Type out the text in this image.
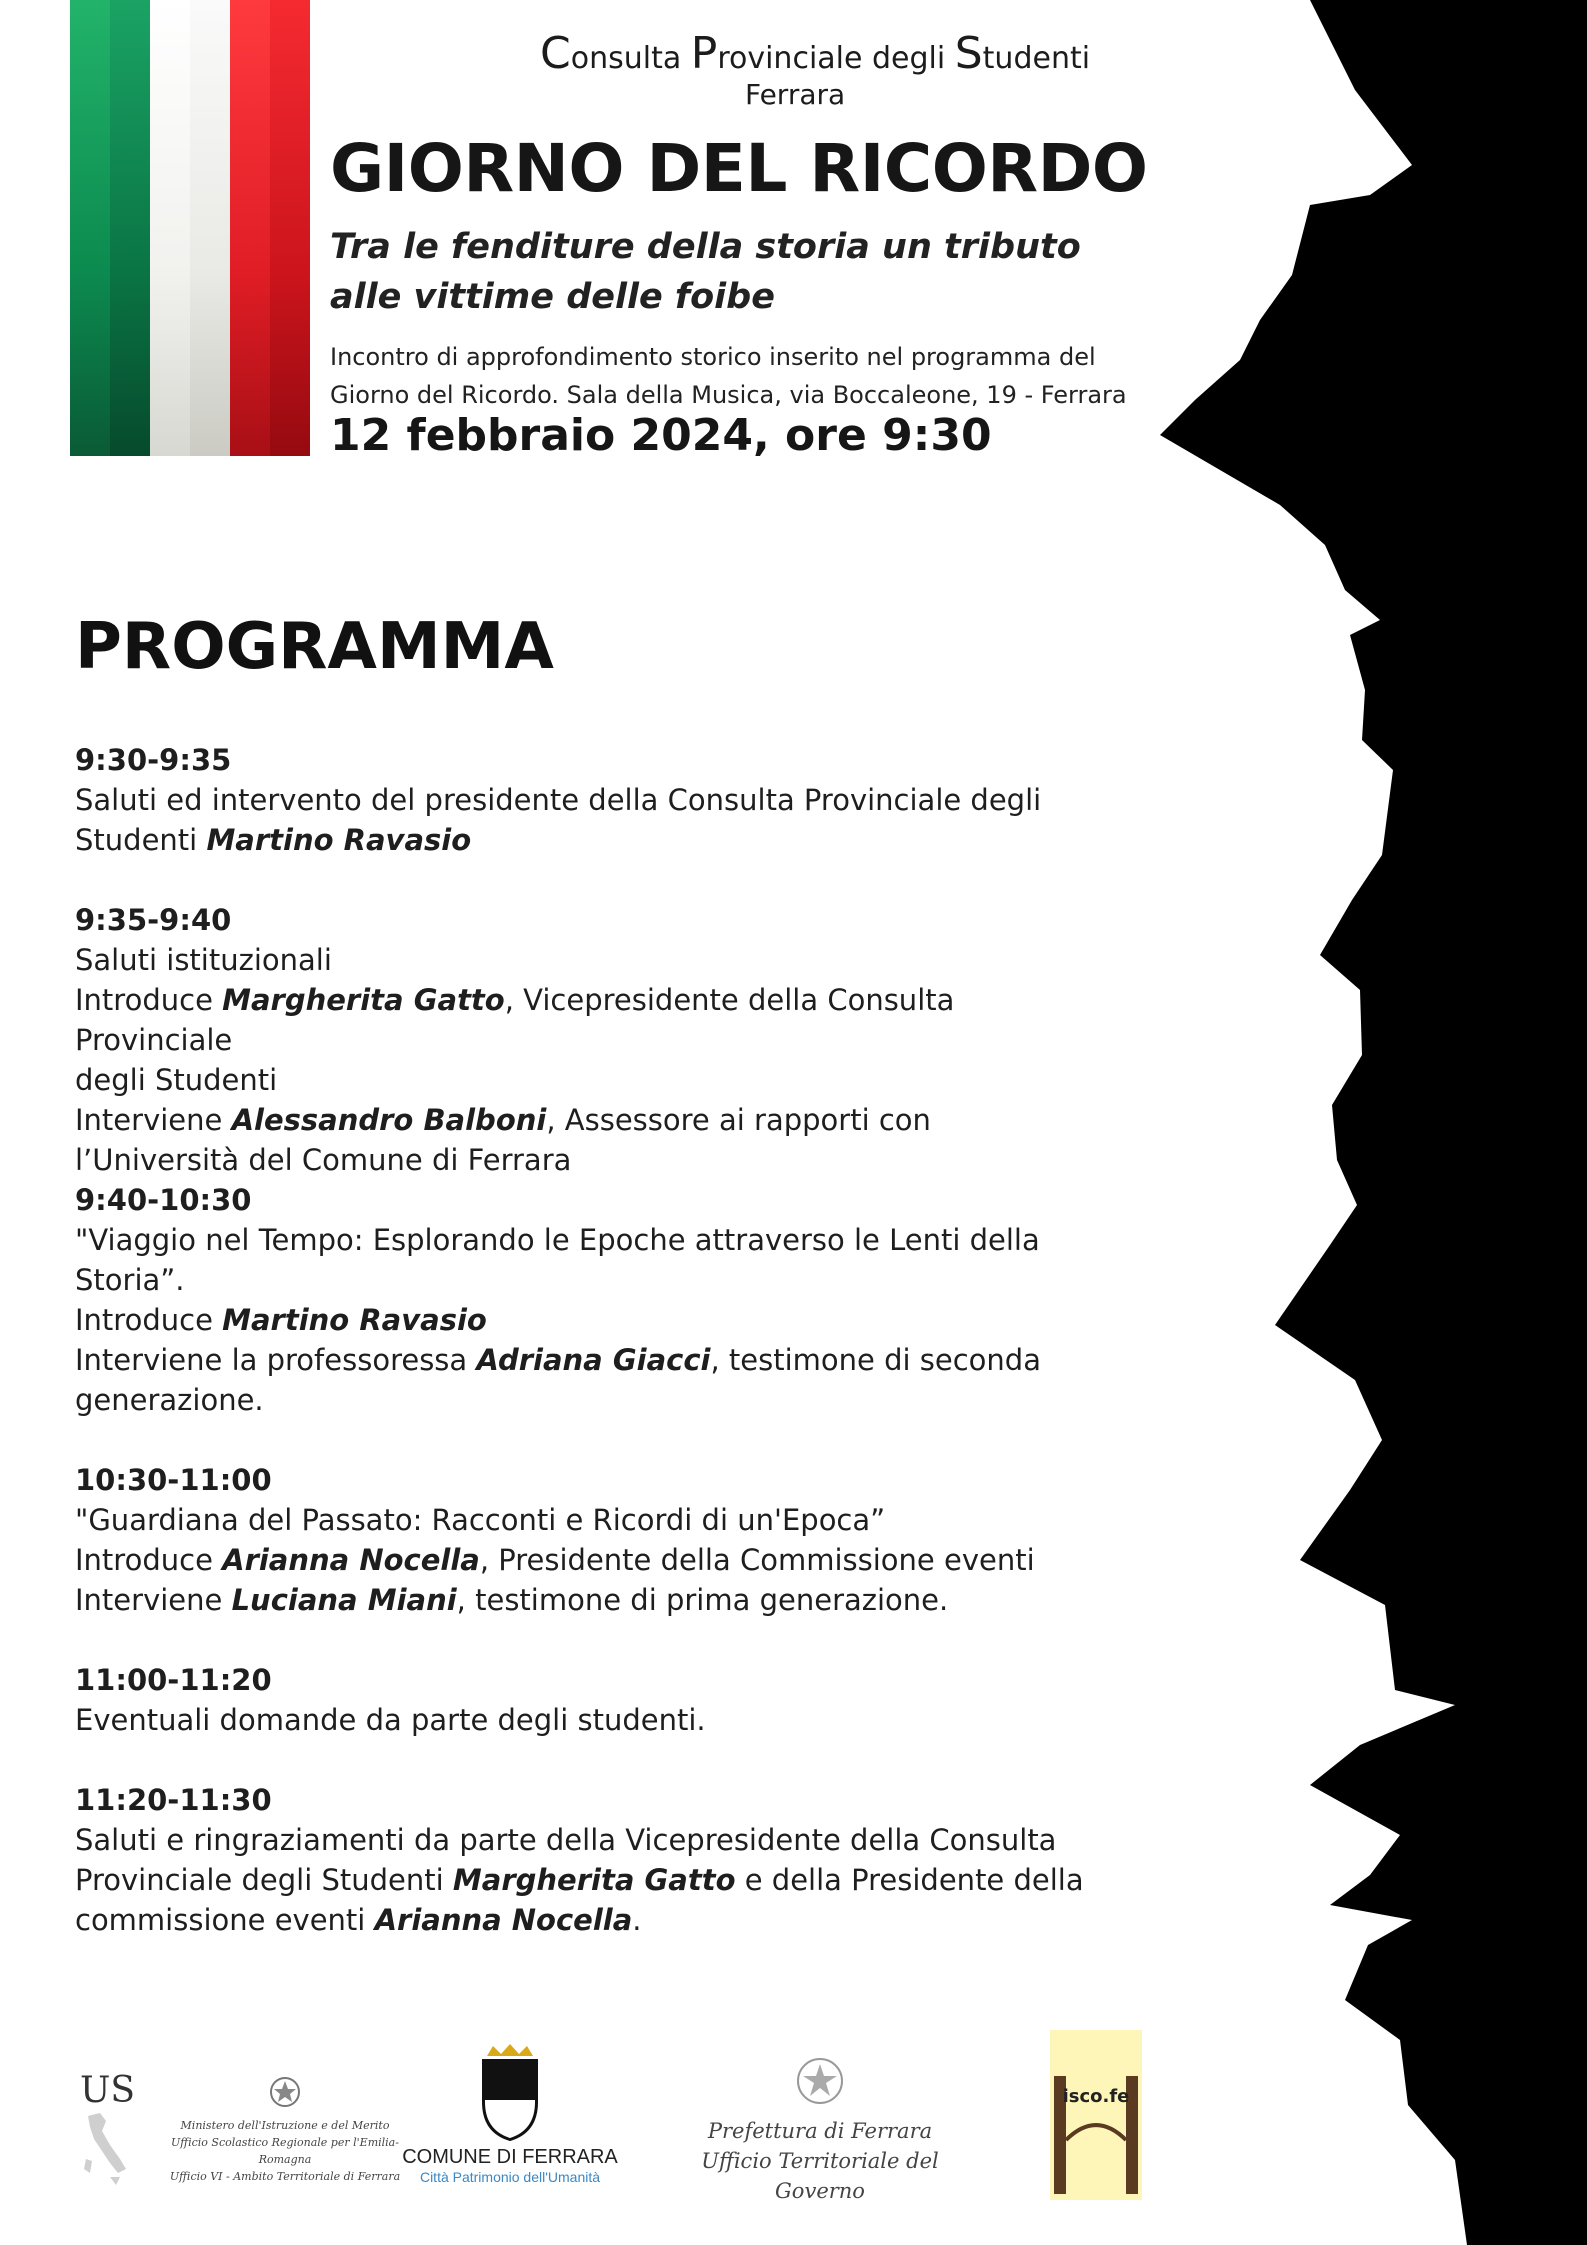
Consulta Provinciale degli Studenti
Ferrara
GIORNO DEL RICORDO
Tra le fenditure della storia un tributo
alle vittime delle foibe
Incontro di approfondimento storico inserito nel programma del
Giorno del Ricordo. Sala della Musica, via Boccaleone, 19 - Ferrara
12 febbraio 2024, ore 9:30
PROGRAMMA

9:30-9:35

Saluti ed intervento del presidente della Consulta Provinciale degli

Studenti Martino Ravasio

9:35-9:40

Saluti istituzionali

Introduce Margherita Gatto, Vicepresidente della Consulta Provinciale

degli Studenti

Interviene Alessandro Balboni, Assessore ai rapporti con

l’Università del Comune di Ferrara

9:40-10:30

"Viaggio nel Tempo: Esplorando le Epoche attraverso le Lenti della

Storia”.

Introduce Martino Ravasio

Interviene la professoressa Adriana Giacci, testimone di seconda

generazione.

10:30-11:00

"Guardiana del Passato: Racconti e Ricordi di un'Epoca”

Introduce Arianna Nocella, Presidente della Commissione eventi

Interviene Luciana Miani, testimone di prima generazione.

11:00-11:20

Eventuali domande da parte degli studenti.

11:20-11:30

Saluti e ringraziamenti da parte della Vicepresidente della Consulta

Provinciale degli Studenti Margherita Gatto e della Presidente della

commissione eventi Arianna Nocella.

US
Ministero dell'Istruzione e del Merito
Ufficio Scolastico Regionale per l'Emilia-Romagna
Ufficio VI - Ambito Territoriale di Ferrara
COMUNE DI FERRARA
Città Patrimonio dell'Umanità
Prefettura di Ferrara
Ufficio Territoriale del Governo
isco.fe
